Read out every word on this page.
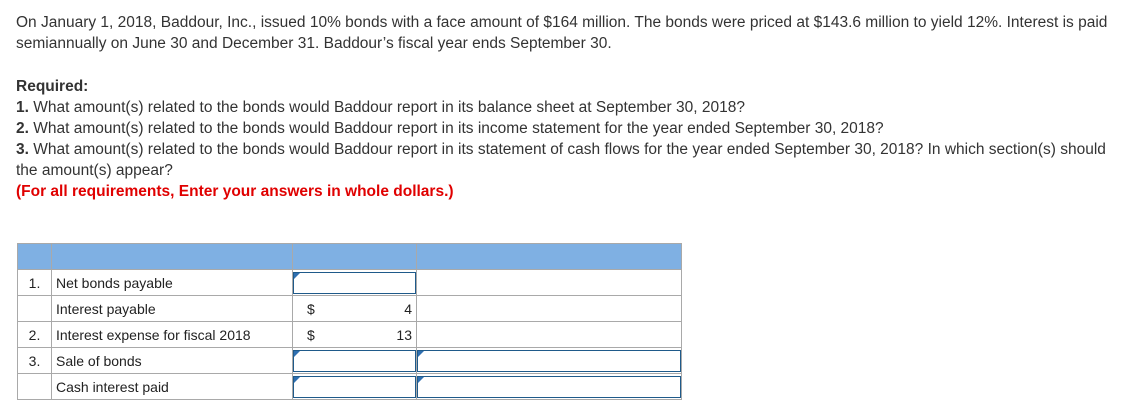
On January 1, 2018, Baddour, Inc., issued 10% bonds with a face amount of $164 million. The bonds were priced at $143.6 million to yield 12%. Interest is paid semiannually on June 30 and December 31. Baddour’s fiscal year ends September 30.

Required:

1. What amount(s) related to the bonds would Baddour report in its balance sheet at September 30, 2018?

2. What amount(s) related to the bonds would Baddour report in its income statement for the year ended September 30, 2018?

3. What amount(s) related to the bonds would Baddour report in its statement of cash flows for the year ended September 30, 2018? In which section(s) should the amount(s) appear?

(For all requirements, Enter your answers in whole dollars.)

1.	Net bonds payable	

	Interest payable	$ 4	

2.	Interest expense for fiscal 2018	$ 13	

3.	Sale of bonds	

	Cash interest paid	
